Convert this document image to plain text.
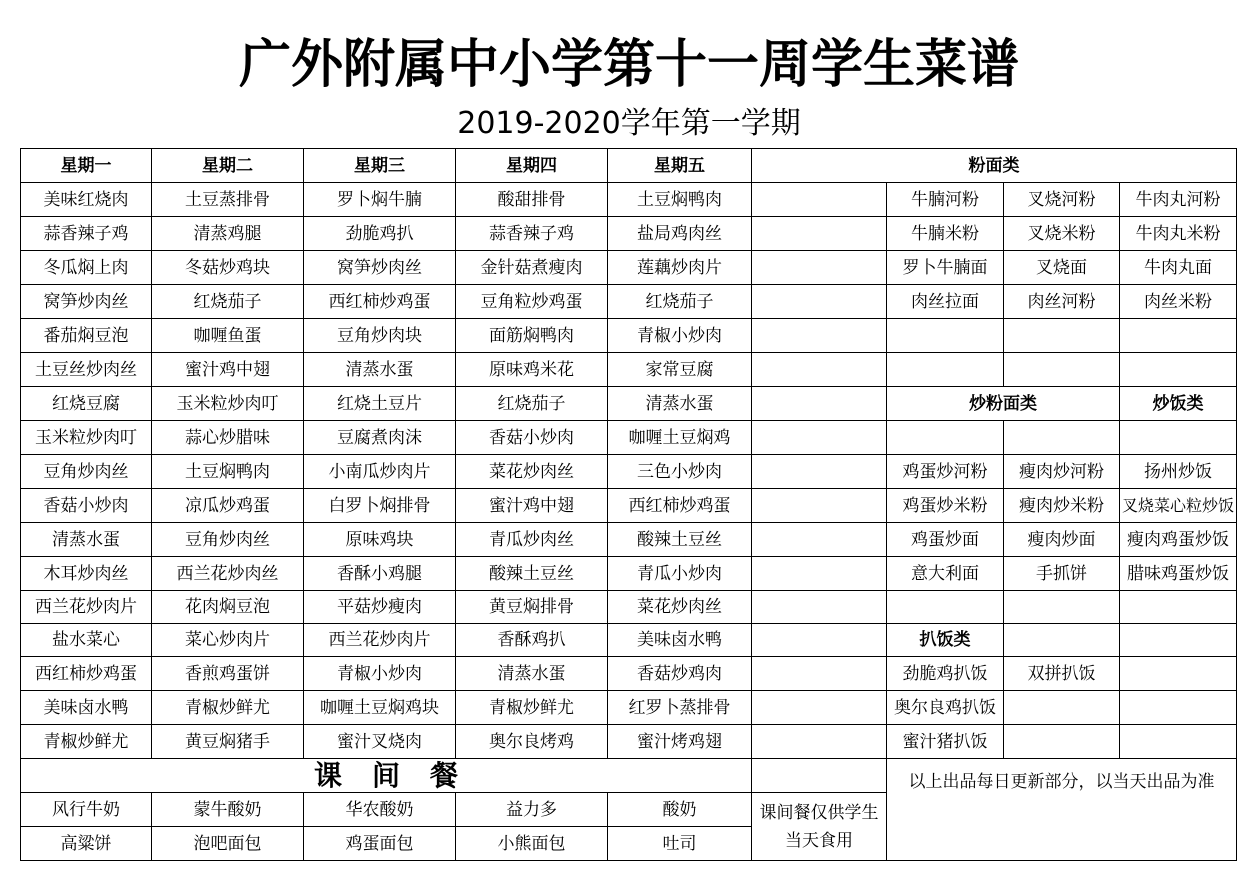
广外附属中小学第十一周学生菜谱
2019-2020学年第一学期
星期一	星期二	星期三	星期四	星期五	粉面类			
美味红烧肉	土豆蒸排骨	罗卜焖牛腩	酸甜排骨	土豆焖鸭肉		牛腩河粉	叉烧河粉	牛肉丸河粉
蒜香辣子鸡	清蒸鸡腿	劲脆鸡扒	蒜香辣子鸡	盐局鸡肉丝		牛腩米粉	叉烧米粉	牛肉丸米粉
冬瓜焖上肉	冬菇炒鸡块	窝笋炒肉丝	金针菇煮瘦肉	莲藕炒肉片		罗卜牛腩面	叉烧面	牛肉丸面
窝笋炒肉丝	红烧茄子	西红柿炒鸡蛋	豆角粒炒鸡蛋	红烧茄子		肉丝拉面	肉丝河粉	肉丝米粉
番茄焖豆泡	咖喱鱼蛋	豆角炒肉块	面筋焖鸭肉	青椒小炒肉				
土豆丝炒肉丝	蜜汁鸡中翅	清蒸水蛋	原味鸡米花	家常豆腐				
红烧豆腐	玉米粒炒肉叮	红烧土豆片	红烧茄子	清蒸水蛋		炒粉面类		炒饭类
玉米粒炒肉叮	蒜心炒腊味	豆腐煮肉沫	香菇小炒肉	咖喱土豆焖鸡				
豆角炒肉丝	土豆焖鸭肉	小南瓜炒肉片	菜花炒肉丝	三色小炒肉		鸡蛋炒河粉	瘦肉炒河粉	扬州炒饭
香菇小炒肉	凉瓜炒鸡蛋	白罗卜焖排骨	蜜汁鸡中翅	西红柿炒鸡蛋		鸡蛋炒米粉	瘦肉炒米粉	叉烧菜心粒炒饭
清蒸水蛋	豆角炒肉丝	原味鸡块	青瓜炒肉丝	酸辣土豆丝		鸡蛋炒面	瘦肉炒面	瘦肉鸡蛋炒饭
木耳炒肉丝	西兰花炒肉丝	香酥小鸡腿	酸辣土豆丝	青瓜小炒肉		意大利面	手抓饼	腊味鸡蛋炒饭
西兰花炒肉片	花肉焖豆泡	平菇炒瘦肉	黄豆焖排骨	菜花炒肉丝				
盐水菜心	菜心炒肉片	西兰花炒肉片	香酥鸡扒	美味卤水鸭		扒饭类		
西红柿炒鸡蛋	香煎鸡蛋饼	青椒小炒肉	清蒸水蛋	香菇炒鸡肉		劲脆鸡扒饭	双拼扒饭	
美味卤水鸭	青椒炒鲜尤	咖喱土豆焖鸡块	青椒炒鲜尤	红罗卜蒸排骨		奥尔良鸡扒饭		
青椒炒鲜尤	黄豆焖猪手	蜜汁叉烧肉	奥尔良烤鸡	蜜汁烤鸡翅		蜜汁猪扒饭		
课间餐						以上出品每日更新部分，以当天出品为准		
风行牛奶	蒙牛酸奶	华农酸奶	益力多	酸奶	课间餐仅供学生当天食用			
高粱饼	泡吧面包	鸡蛋面包	小熊面包	吐司				
